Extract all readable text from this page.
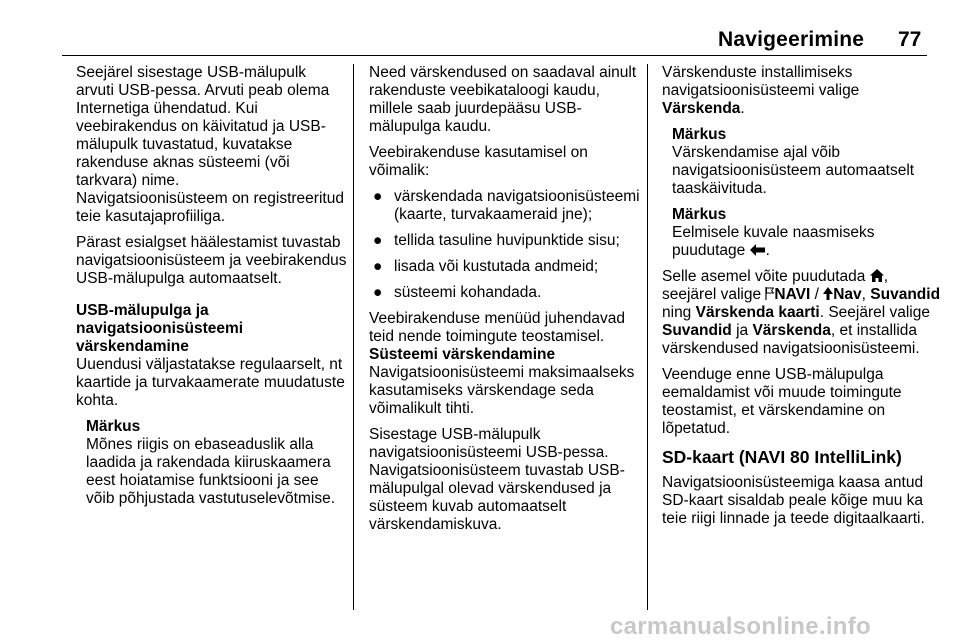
Navigeerimine 77

Seejärel sisestage USB-mälupulk arvuti USB-pessa. Arvuti peab olema Internetiga ühendatud. Kui veebirakendus on käivitatud ja USB-mälupulk tuvastatud, kuvatakse rakenduse aknas süsteemi (või tarkvara) nime.

Navigatsioonisüsteem on registreeritud teie kasutajaprofiiliga.

Pärast esialgset häälestamist tuvastab navigatsioonisüsteem ja veebirakendus USB-mälupulga automaatselt.

USB-mälupulga ja navigatsioonisüsteemi värskendamine

Uuendusi väljastatakse regulaarselt, nt kaartide ja turvakaamerate muudatuste kohta.

Märkus
Mõnes riigis on ebaseaduslik alla laadida ja rakendada kiiruskaamera eest hoiatamise funktsiooni ja see võib põhjustada vastutuselevõtmise.

Need värskendused on saadaval ainult rakenduste veebikataloogi kaudu, millele saab juurdepääsu USB-mälupulga kaudu.

Veebirakenduse kasutamisel on võimalik:

● värskendada navigatsioonisüsteemi (kaarte, turvakaameraid jne);
● tellida tasuline huvipunktide sisu;
● lisada või kustutada andmeid;
● süsteemi kohandada.

Veebirakenduse menüüd juhendavad teid nende toimingute teostamisel.

Süsteemi värskendamine

Navigatsioonisüsteemi maksimaalseks kasutamiseks värskendage seda võimalikult tihti.

Sisestage USB-mälupulk navigatsioonisüsteemi USB-pessa. Navigatsioonisüsteem tuvastab USB-mälupulgal olevad värskendused ja süsteem kuvab automaatselt värskendamiskuva.

Värskenduste installimiseks navigatsioonisüsteemi valige Värskenda.

Märkus
Värskendamise ajal võib navigatsioonisüsteem automaatselt taaskäivituda.
Märkus
Eelmisele kuvale naasmiseks puudutage .

Selle asemel võite puudutada , seejärel valige NAVI / Nav, Suvandid ning Värskenda kaarti. Seejärel valige Suvandid ja Värskenda, et installida värskendused navigatsioonisüsteemi.

Veenduge enne USB-mälupulga eemaldamist või muude toimingute teostamist, et värskendamine on lõpetatud.

SD-kaart (NAVI 80 IntelliLink)

Navigatsioonisüsteemiga kaasa antud SD-kaart sisaldab peale kõige muu ka teie riigi linnade ja teede digitaalkaarti.

carmanualsonline.info
